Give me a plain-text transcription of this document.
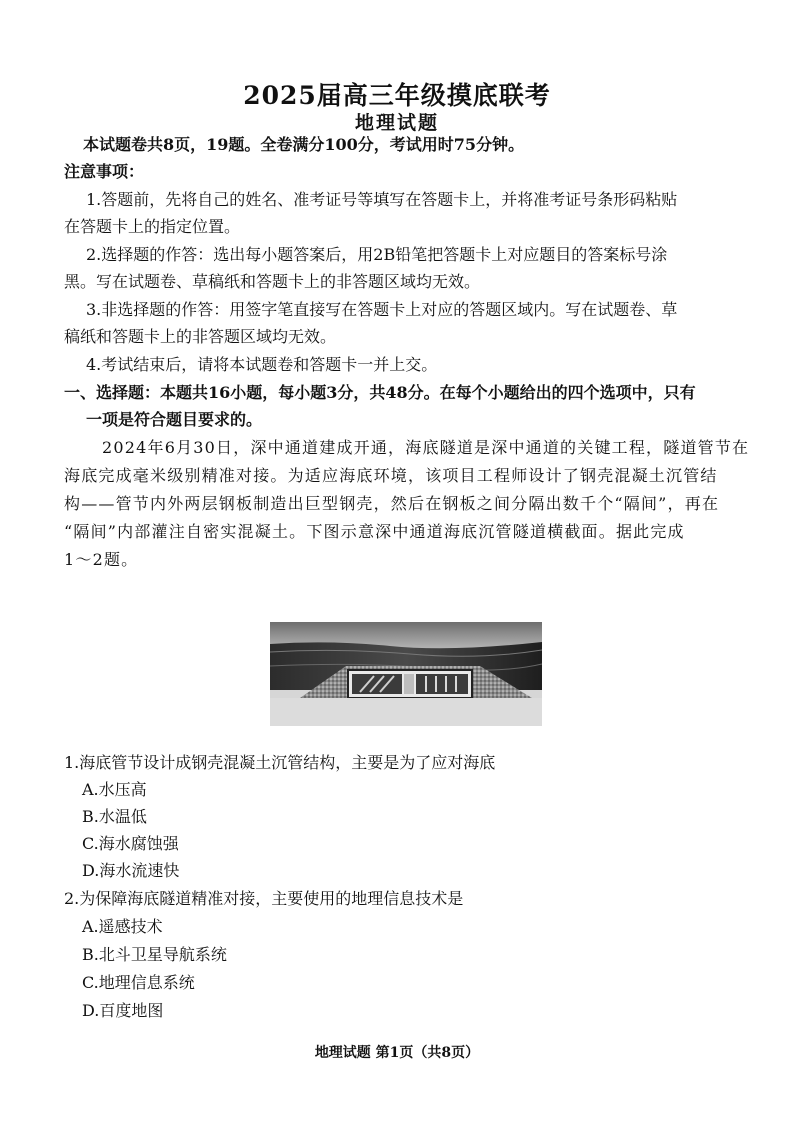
2025届高三年级摸底联考
地理试题
本试题卷共8页，19题。全卷满分100分，考试用时75分钟。
注意事项：
1.答题前，先将自己的姓名、准考证号等填写在答题卡上，并将准考证号条形码粘贴
在答题卡上的指定位置。
2.选择题的作答：选出每小题答案后，用2B铅笔把答题卡上对应题目的答案标号涂
黑。写在试题卷、草稿纸和答题卡上的非答题区域均无效。
3.非选择题的作答：用签字笔直接写在答题卡上对应的答题区域内。写在试题卷、草
稿纸和答题卡上的非答题区域均无效。
4.考试结束后，请将本试题卷和答题卡一并上交。
一、选择题：本题共16小题，每小题3分，共48分。在每个小题给出的四个选项中，只有
一项是符合题目要求的。
2024年6月30日，深中通道建成开通，海底隧道是深中通道的关键工程，隧道管节在
海底完成毫米级别精准对接。为适应海底环境，该项目工程师设计了钢壳混凝土沉管结
构——管节内外两层钢板制造出巨型钢壳，然后在钢板之间分隔出数千个“隔间”，再在
“隔间”内部灌注自密实混凝土。下图示意深中通道海底沉管隧道横截面。据此完成
1～2题。
1.海底管节设计成钢壳混凝土沉管结构，主要是为了应对海底
A.水压高
B.水温低
C.海水腐蚀强
D.海水流速快
2.为保障海底隧道精准对接，主要使用的地理信息技术是
A.遥感技术
B.北斗卫星导航系统
C.地理信息系统
D.百度地图
地理试题 第1页（共8页）
